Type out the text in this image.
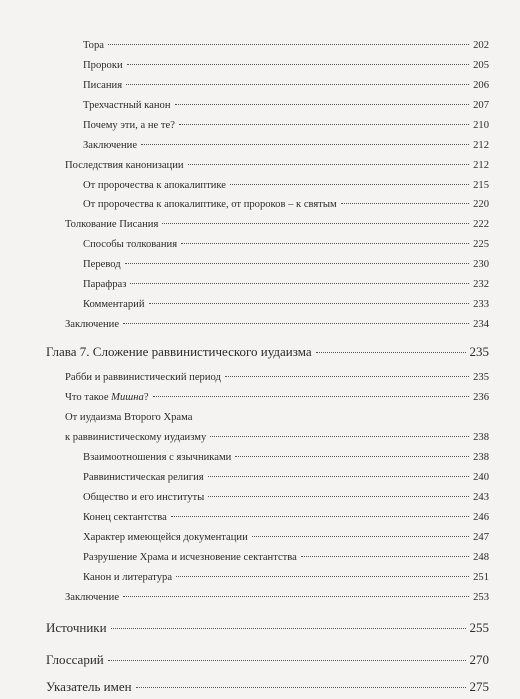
Тора	202
Пророки	205
Писания	206
Трехчастный канон	207
Почему эти, а не те?	210
Заключение	212
Последствия канонизации	212
От пророчества к апокалиптике	215
От пророчества к апокалиптике, от пророков – к святым	220
Толкование Писания	222
Способы толкования	225
Перевод	230
Парафраз	232
Комментарий	233
Заключение	234
Глава 7. Сложение раввинистического иудаизма	235
Рабби и раввинистический период	235
Что такое Мишна?	236
От иудаизма Второго Храма
к раввинистическому иудаизму	238
Взаимоотношения с язычниками	238
Раввинистическая религия	240
Общество и его институты	243
Конец сектантства	246
Характер имеющейся документации	247
Разрушение Храма и исчезновение сектантства	248
Канон и литература	251
Заключение	253
Источники	255
Глоссарий	270
Указатель имен	275
